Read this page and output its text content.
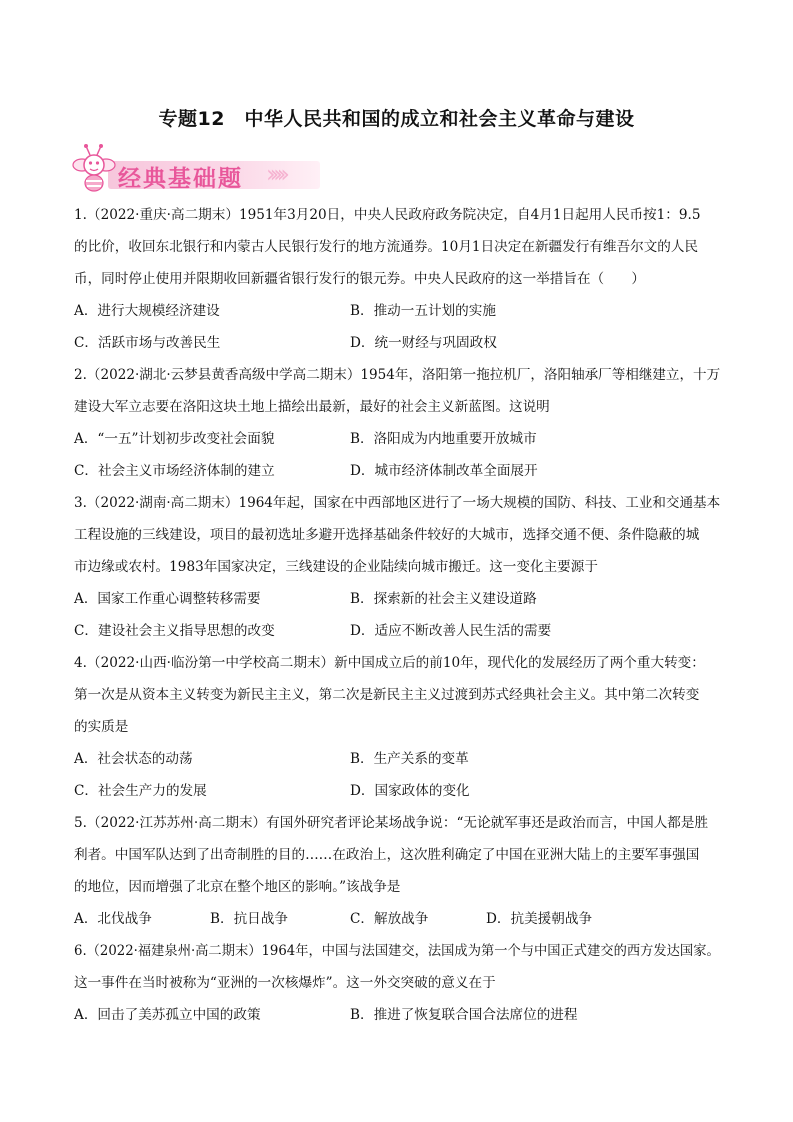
专题12　中华人民共和国的成立和社会主义革命与建设
经典基础题 ›››››
1.（2022·重庆·高二期末）1951年3月20日，中央人民政府政务院决定，自4月1日起用人民币按1：9.5
的比价，收回东北银行和内蒙古人民银行发行的地方流通券。10月1日决定在新疆发行有维吾尔文的人民
币，同时停止使用并限期收回新疆省银行发行的银元券。中央人民政府的这一举措旨在（　　）
A．进行大规模经济建设	B．推动一五计划的实施
C．活跃市场与改善民生	D．统一财经与巩固政权
2.（2022·湖北·云梦县黄香高级中学高二期末）1954年，洛阳第一拖拉机厂，洛阳轴承厂等相继建立，十万
建设大军立志要在洛阳这块土地上描绘出最新，最好的社会主义新蓝图。这说明
A．“一五”计划初步改变社会面貌	B．洛阳成为内地重要开放城市
C．社会主义市场经济体制的建立	D．城市经济体制改革全面展开
3.（2022·湖南·高二期末）1964年起，国家在中西部地区进行了一场大规模的国防、科技、工业和交通基本
工程设施的三线建设，项目的最初选址多避开选择基础条件较好的大城市，选择交通不便、条件隐蔽的城
市边缘或农村。1983年国家决定，三线建设的企业陆续向城市搬迁。这一变化主要源于
A．国家工作重心调整转移需要	B．探索新的社会主义建设道路
C．建设社会主义指导思想的改变	D．适应不断改善人民生活的需要
4.（2022·山西·临汾第一中学校高二期末）新中国成立后的前10年，现代化的发展经历了两个重大转变：
第一次是从资本主义转变为新民主主义，第二次是新民主主义过渡到苏式经典社会主义。其中第二次转变
的实质是
A．社会状态的动荡	B．生产关系的变革
C．社会生产力的发展	D．国家政体的变化
5.（2022·江苏苏州·高二期末）有国外研究者评论某场战争说：“无论就军事还是政治而言，中国人都是胜
利者。中国军队达到了出奇制胜的目的……在政治上，这次胜利确定了中国在亚洲大陆上的主要军事强国
的地位，因而增强了北京在整个地区的影响。”该战争是
A．北伐战争	B．抗日战争	C．解放战争	D．抗美援朝战争
6.（2022·福建泉州·高二期末）1964年，中国与法国建交，法国成为第一个与中国正式建交的西方发达国家。
这一事件在当时被称为“亚洲的一次核爆炸”。这一外交突破的意义在于
A．回击了美苏孤立中国的政策	B．推进了恢复联合国合法席位的进程
